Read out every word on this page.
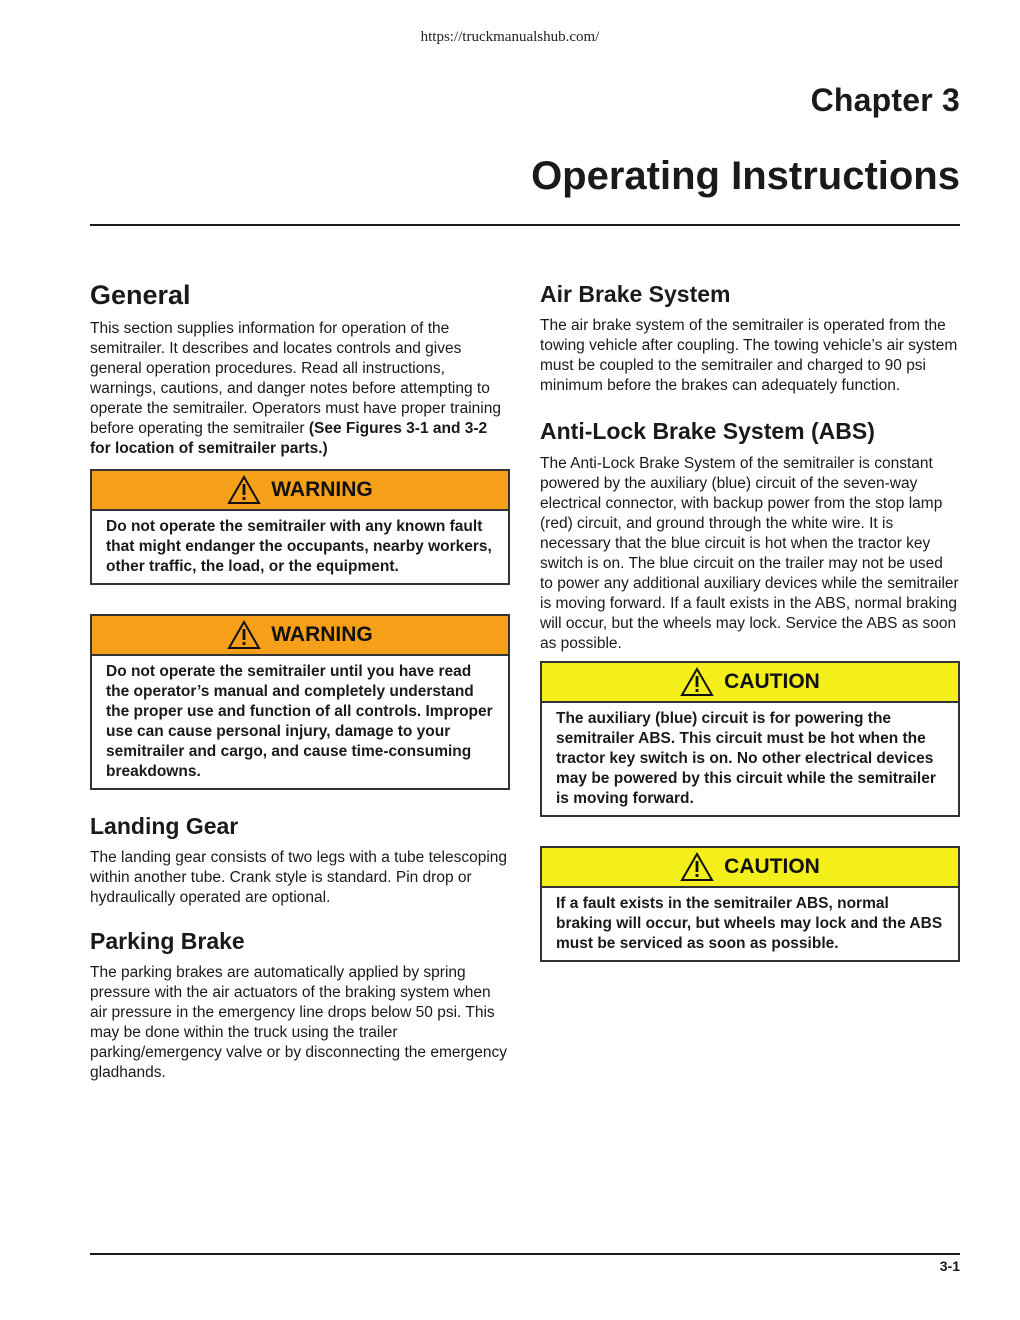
https://truckmanualshub.com/
Chapter 3
Operating Instructions
General

This section supplies information for operation of the semitrailer. It describes and locates controls and gives general operation procedures. Read all instructions, warnings, cautions, and danger notes before attempting to operate the semitrailer. Operators must have proper training before operating the semitrailer (See Figures 3-1 and 3-2 for location of semitrailer parts.)

WARNING
Do not operate the semitrailer with any known fault that might endanger the occupants, nearby workers, other traffic, the load, or the equipment.
WARNING
Do not operate the semitrailer until you have read the operator’s manual and completely understand the proper use and function of all controls. Improper use can cause personal injury, damage to your semitrailer and cargo, and cause time-consuming breakdowns.
Landing Gear

The landing gear consists of two legs with a tube telescoping within another tube. Crank style is standard. Pin drop or hydraulically operated are optional.

Parking Brake

The parking brakes are automatically applied by spring pressure with the air actuators of the braking system when air pressure in the emergency line drops below 50 psi. This may be done within the truck using the trailer parking/emergency valve or by disconnecting the emergency gladhands.

Air Brake System

The air brake system of the semitrailer is operated from the towing vehicle after coupling. The towing vehicle’s air system must be coupled to the semitrailer and charged to 90 psi minimum before the brakes can adequately function.

Anti-Lock Brake System (ABS)

The Anti-Lock Brake System of the semitrailer is constant powered by the auxiliary (blue) circuit of the seven-way electrical connector, with backup power from the stop lamp (red) circuit, and ground through the white wire. It is necessary that the blue circuit is hot when the tractor key switch is on. The blue circuit on the trailer may not be used to power any additional auxiliary devices while the semitrailer is moving forward. If a fault exists in the ABS, normal braking will occur, but the wheels may lock. Service the ABS as soon as possible.

CAUTION
The auxiliary (blue) circuit is for powering the semitrailer ABS. This circuit must be hot when the tractor key switch is on. No other electrical devices may be powered by this circuit while the semitrailer is moving forward.
CAUTION
If a fault exists in the semitrailer ABS, normal braking will occur, but wheels may lock and the ABS must be serviced as soon as possible.
3-1
